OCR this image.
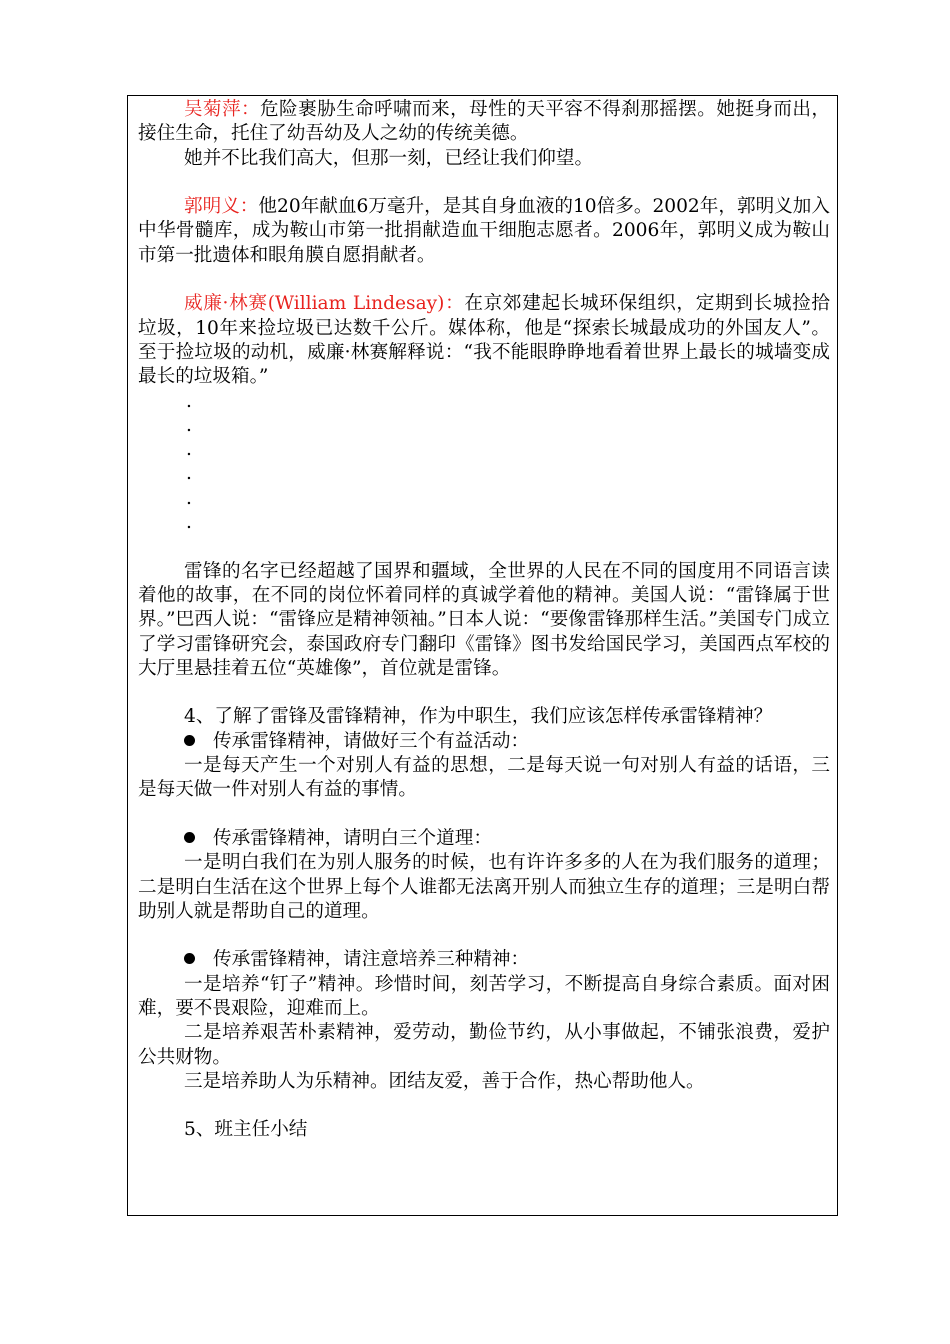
吴菊萍：危险裹胁生命呼啸而来，母性的天平容不得刹那摇摆。她挺身而出，接住生命，托住了幼吾幼及人之幼的传统美德。

她并不比我们高大，但那一刻，已经让我们仰望。

郭明义：他20年献血6万毫升，是其自身血液的10倍多。2002年，郭明义加入中华骨髓库，成为鞍山市第一批捐献造血干细胞志愿者。2006年，郭明义成为鞍山市第一批遗体和眼角膜自愿捐献者。

威廉·林赛(William Lindesay)：在京郊建起长城环保组织，定期到长城捡拾垃圾，10年来捡垃圾已达数千公斤。媒体称，他是“探索长城最成功的外国友人”。至于捡垃圾的动机，威廉·林赛解释说：“我不能眼睁睁地看着世界上最长的城墙变成最长的垃圾箱。”

.
.
.
.
.
.

雷锋的名字已经超越了国界和疆域，全世界的人民在不同的国度用不同语言读着他的故事，在不同的岗位怀着同样的真诚学着他的精神。美国人说：“雷锋属于世界。”巴西人说：“雷锋应是精神领袖。”日本人说：“要像雷锋那样生活。”美国专门成立了学习雷锋研究会，泰国政府专门翻印《雷锋》图书发给国民学习，美国西点军校的大厅里悬挂着五位“英雄像”，首位就是雷锋。

4、了解了雷锋及雷锋精神，作为中职生，我们应该怎样传承雷锋精神？

传承雷锋精神，请做好三个有益活动：

一是每天产生一个对别人有益的思想，二是每天说一句对别人有益的话语，三是每天做一件对别人有益的事情。

传承雷锋精神，请明白三个道理：

一是明白我们在为别人服务的时候，也有许许多多的人在为我们服务的道理；二是明白生活在这个世界上每个人谁都无法离开别人而独立生存的道理；三是明白帮助别人就是帮助自己的道理。

传承雷锋精神，请注意培养三种精神：

一是培养“钉子”精神。珍惜时间，刻苦学习，不断提高自身综合素质。面对困难，要不畏艰险，迎难而上。

二是培养艰苦朴素精神，爱劳动，勤俭节约，从小事做起，不铺张浪费，爱护公共财物。

三是培养助人为乐精神。团结友爱，善于合作，热心帮助他人。

5、班主任小结
